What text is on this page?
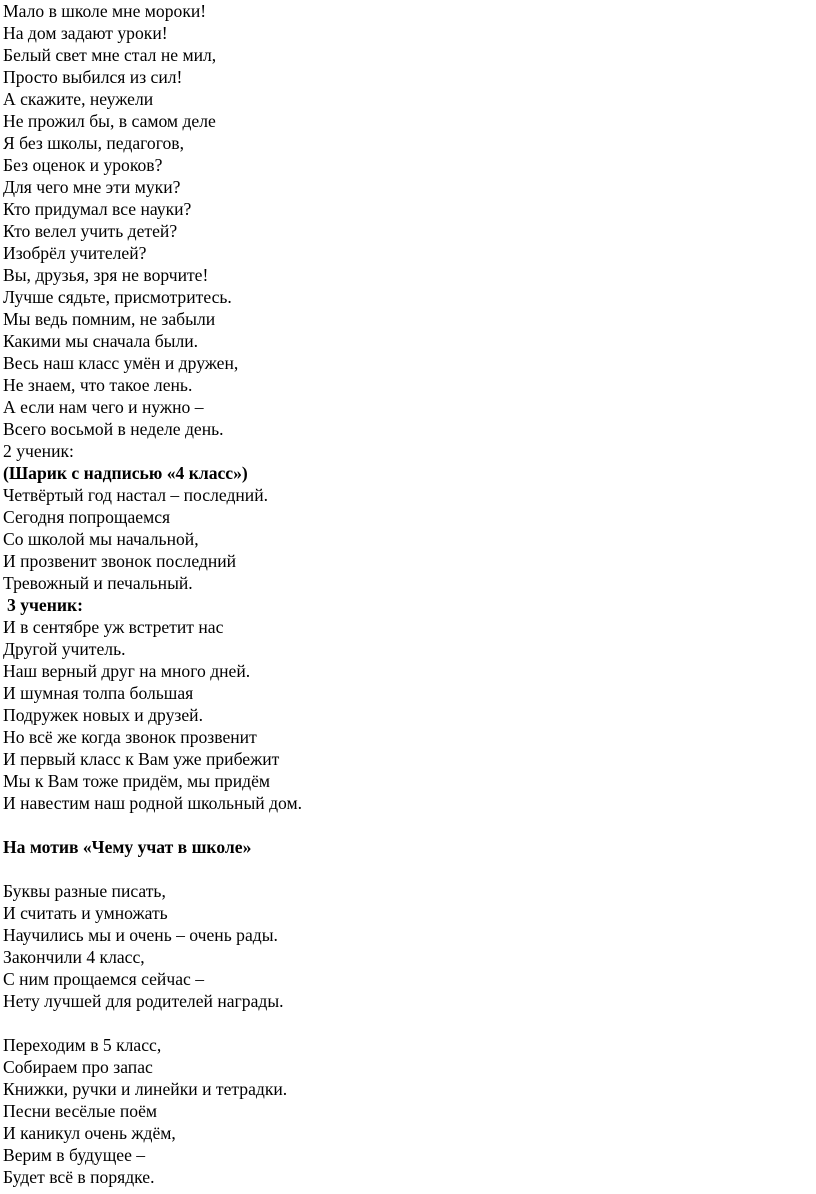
Мало в школе мне мороки!
На дом задают уроки!
Белый свет мне стал не мил,
Просто выбился из сил!
А скажите, неужели
Не прожил бы, в самом деле
Я без школы, педагогов,
Без оценок и уроков?
Для чего мне эти муки?
Кто придумал все науки?
Кто велел учить детей?
Изобрёл учителей?
Вы, друзья, зря не ворчите!
Лучше сядьте, присмотритесь.
Мы ведь помним, не забыли
Какими мы сначала были.
Весь наш класс умён и дружен,
Не знаем, что такое лень.
А если нам чего и нужно –
Всего восьмой в неделе день.
2 ученик:
(Шарик с надписью «4 класс»)
Четвёртый год настал – последний.
Сегодня попрощаемся
Со школой мы начальной,
И прозвенит звонок последний
Тревожный и печальный.
3 ученик:
И в сентябре уж встретит нас
Другой учитель.
Наш верный друг на много дней.
И шумная толпа большая
Подружек новых и друзей.
Но всё же когда звонок прозвенит
И первый класс к Вам уже прибежит
Мы к Вам тоже придём, мы придём
И навестим наш родной школьный дом.
На мотив «Чему учат в школе»
Буквы разные писать,
И считать и умножать
Научились мы и очень – очень рады.
Закончили 4 класс,
С ним прощаемся сейчас –
Нету лучшей для родителей награды.
Переходим в 5 класс,
Собираем про запас
Книжки, ручки и линейки и тетрадки.
Песни весёлые поём
И каникул очень ждём,
Верим в будущее –
Будет всё в порядке.
